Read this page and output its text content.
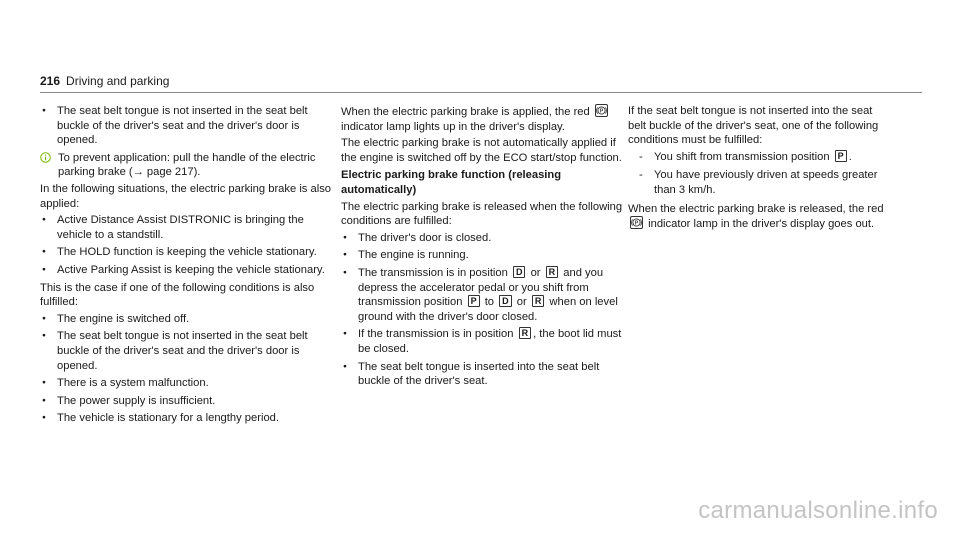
216 Driving and parking
● The seat belt tongue is not inserted in the seat belt buckle of the driver's seat and the driver's door is opened.
To prevent application: pull the handle of the electric parking brake (→ page 217).

In the following situations, the electric parking brake is also applied:

● Active Distance Assist DISTRONIC is bringing the vehicle to a standstill.
● The HOLD function is keeping the vehicle stationary.
● Active Parking Assist is keeping the vehicle stationary.

This is the case if one of the following conditions is also fulfilled:

● The engine is switched off.
● The seat belt tongue is not inserted in the seat belt buckle of the driver's seat and the driver's door is opened.
● There is a system malfunction.
● The power supply is insufficient.
● The vehicle is stationary for a lengthy period.

When the electric parking brake is applied, the red P
indicator lamp lights up in the driver's display.

The electric parking brake is not automatically applied if the engine is switched off by the ECO start/stop function.

Electric parking brake function (releasing automatically)

The electric parking brake is released when the following conditions are fulfilled:

● The driver's door is closed.
● The engine is running.
● The transmission is in position D or R and you depress the accelerator pedal or you shift from transmission position P to D or R when on level ground with the driver's door closed.
● If the transmission is in position R , the boot lid must be closed.
● The seat belt tongue is inserted into the seat belt buckle of the driver's seat.

If the seat belt tongue is not inserted into the seat belt buckle of the driver's seat, one of the following conditions must be fulfilled:

- You shift from transmission position P .
- You have previously driven at speeds greater than 3 km/h.

When the electric parking brake is released, the red
P indicator lamp in the driver's display goes out.

carmanualsonline.info
